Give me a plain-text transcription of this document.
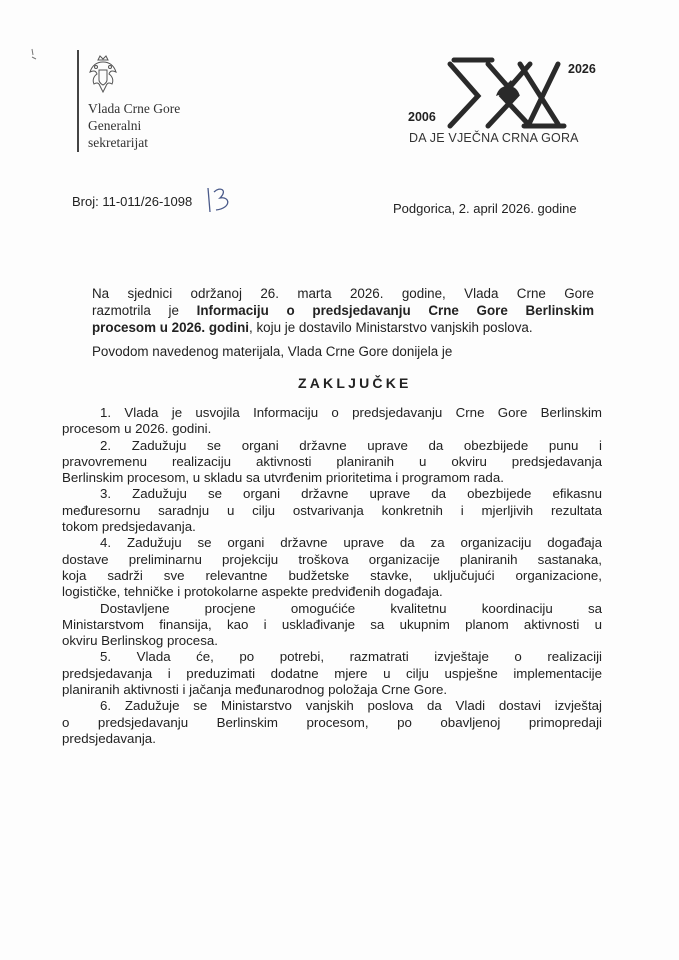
Vlada Crne Gore
Generalni
sekretarijat
2026
2006
DA JE VJEČNA CRNA GORA
Broj: 11-011/26-1098	Podgorica, 2. april 2026. godine
Na sjednici održanoj 26. marta 2026. godine, Vlada Crne Gore
razmotrila je Informaciju o predsjedavanju Crne Gore Berlinskim
procesom u 2026. godini, koju je dostavilo Ministarstvo vanjskih poslova.
Povodom navedenog materijala, Vlada Crne Gore donijela je
ZAKLJUČKE
1. Vlada je usvojila Informaciju o predsjedavanju Crne Gore Berlinskim
procesom u 2026. godini.
2. Zadužuju se organi državne uprave da obezbijede punu i
pravovremenu realizaciju aktivnosti planiranih u okviru predsjedavanja
Berlinskim procesom, u skladu sa utvrđenim prioritetima i programom rada.
3. Zadužuju se organi državne uprave da obezbijede efikasnu
međuresornu saradnju u cilju ostvarivanja konkretnih i mjerljivih rezultata
tokom predsjedavanja.
4. Zadužuju se organi državne uprave da za organizaciju događaja
dostave preliminarnu projekciju troškova organizacije planiranih sastanaka,
koja sadrži sve relevantne budžetske stavke, uključujući organizacione,
logističke, tehničke i protokolarne aspekte predviđenih događaja.
Dostavljene procjene omogućiće kvalitetnu koordinaciju sa
Ministarstvom finansija, kao i usklađivanje sa ukupnim planom aktivnosti u
okviru Berlinskog procesa.
5. Vlada će, po potrebi, razmatrati izvještaje o realizaciji
predsjedavanja i preduzimati dodatne mjere u cilju uspješne implementacije
planiranih aktivnosti i jačanja međunarodnog položaja Crne Gore.
6. Zadužuje se Ministarstvo vanjskih poslova da Vladi dostavi izvještaj
o predsjedavanju Berlinskim procesom, po obavljenoj primopredaji
predsjedavanja.
